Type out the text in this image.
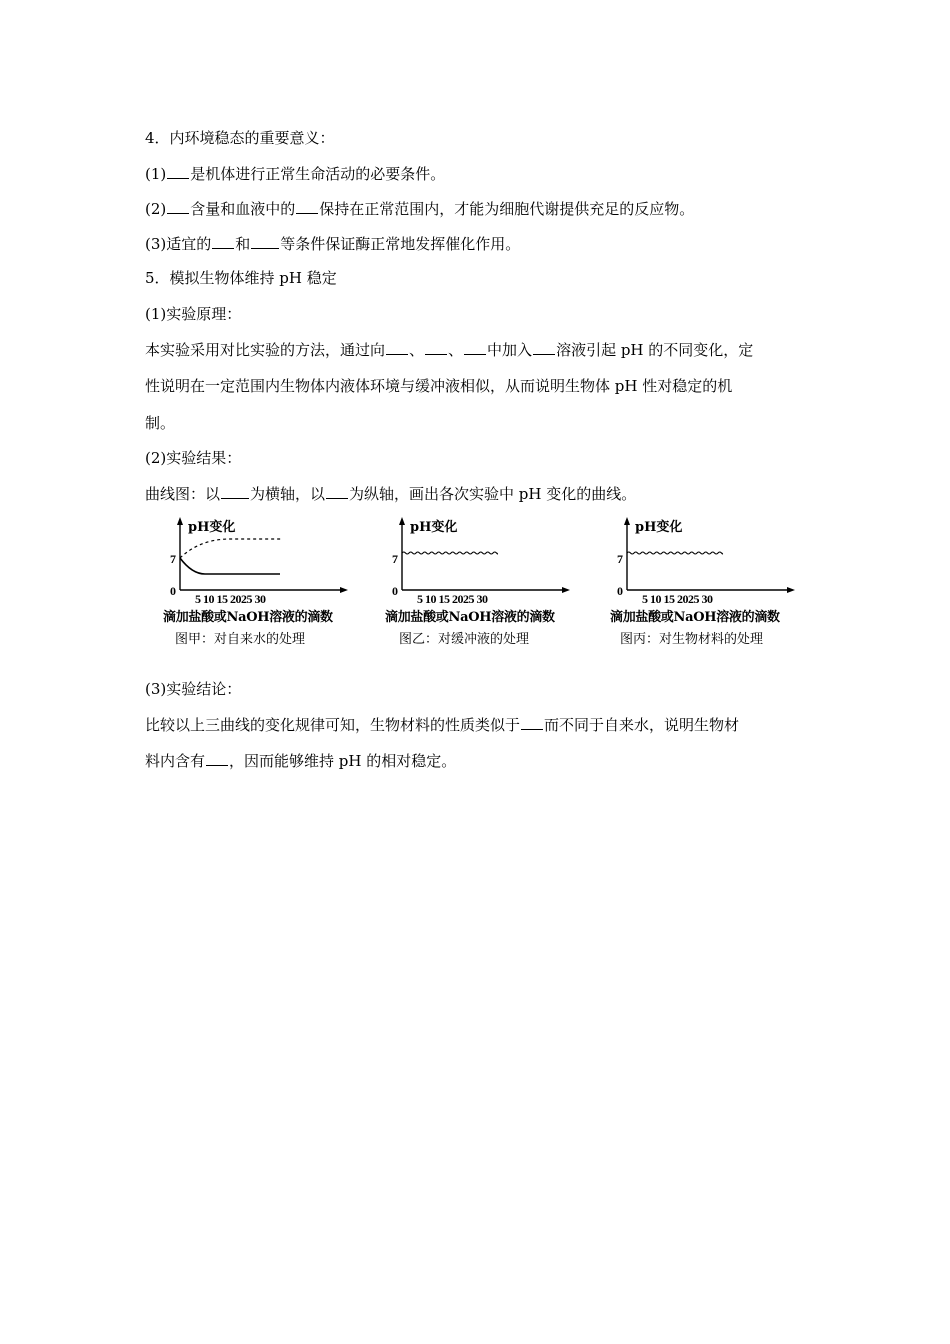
4．内环境稳态的重要意义：
(1) 是机体进行正常生命活动的必要条件。
(2) 含量和血液中的 保持在正常范围内，才能为细胞代谢提供充足的反应物。
(3)适宜的 和 等条件保证酶正常地发挥催化作用。
5．模拟生物体维持 pH 稳定
(1)实验原理：
本实验采用对比实验的方法，通过向 、 、 中加入 溶液引起 pH 的不同变化，定
性说明在一定范围内生物体内液体环境与缓冲液相似，从而说明生物体 pH 性对稳定的机
制。
(2)实验结果：
曲线图：以 为横轴，以 为纵轴，画出各次实验中 pH 变化的曲线。
pH变化
7
0
5 10 15 2025 30
滴加盐酸或NaOH溶液的滴数
图甲：对自来水的处理
pH变化
7
0
5 10 15 2025 30
滴加盐酸或NaOH溶液的滴数
图乙：对缓冲液的处理
pH变化
7
0
5 10 15 2025 30
滴加盐酸或NaOH溶液的滴数
图丙：对生物材料的处理
(3)实验结论：
比较以上三曲线的变化规律可知，生物材料的性质类似于 而不同于自来水，说明生物材
料内含有 ，因而能够维持 pH 的相对稳定。
